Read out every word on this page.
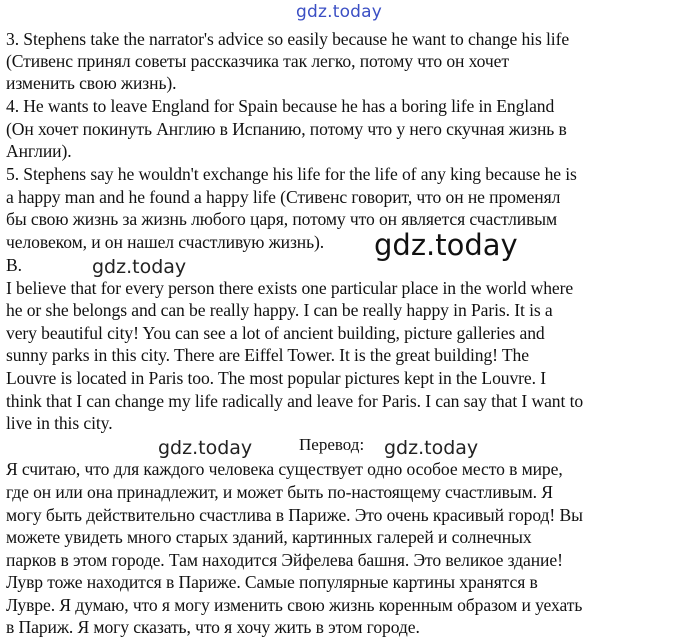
gdz.today
3. Stephens take the narrator's advice so easily because he want to change his life
(Стивенс принял советы рассказчика так легко, потому что он хочет
изменить свою жизнь).
4. He wants to leave England for Spain because he has a boring life in England
(Он хочет покинуть Англию в Испанию, потому что у него скучная жизнь в
Англии).
5. Stephens say he wouldn't exchange his life for the life of any king because he is
a happy man and he found a happy life (Стивенс говорит, что он не променял
бы свою жизнь за жизнь любого царя, потому что он является счастливым
человеком, и он нашел счастливую жизнь). gdz.today
B.	gdz.today
I believe that for every person there exists one particular place in the world where
he or she belongs and can be really happy. I can be really happy in Paris. It is a
very beautiful city! You can see a lot of ancient building, picture galleries and
sunny parks in this city. There are Eiffel Tower. It is the great building! The
Louvre is located in Paris too. The most popular pictures kept in the Louvre. I
think that I can change my life radically and leave for Paris. I can say that I want to
live in this city.
gdz.today	Перевод: gdz.today
Я считаю, что для каждого человека существует одно особое место в мире,
где он или она принадлежит, и может быть по-настоящему счастливым. Я
могу быть действительно счастлива в Париже. Это очень красивый город! Вы
можете увидеть много старых зданий, картинных галерей и солнечных
парков в этом городе. Там находится Эйфелева башня. Это великое здание!
Лувр тоже находится в Париже. Самые популярные картины хранятся в
Лувре. Я думаю, что я могу изменить свою жизнь коренным образом и уехать
в Париж. Я могу сказать, что я хочу жить в этом городе.
